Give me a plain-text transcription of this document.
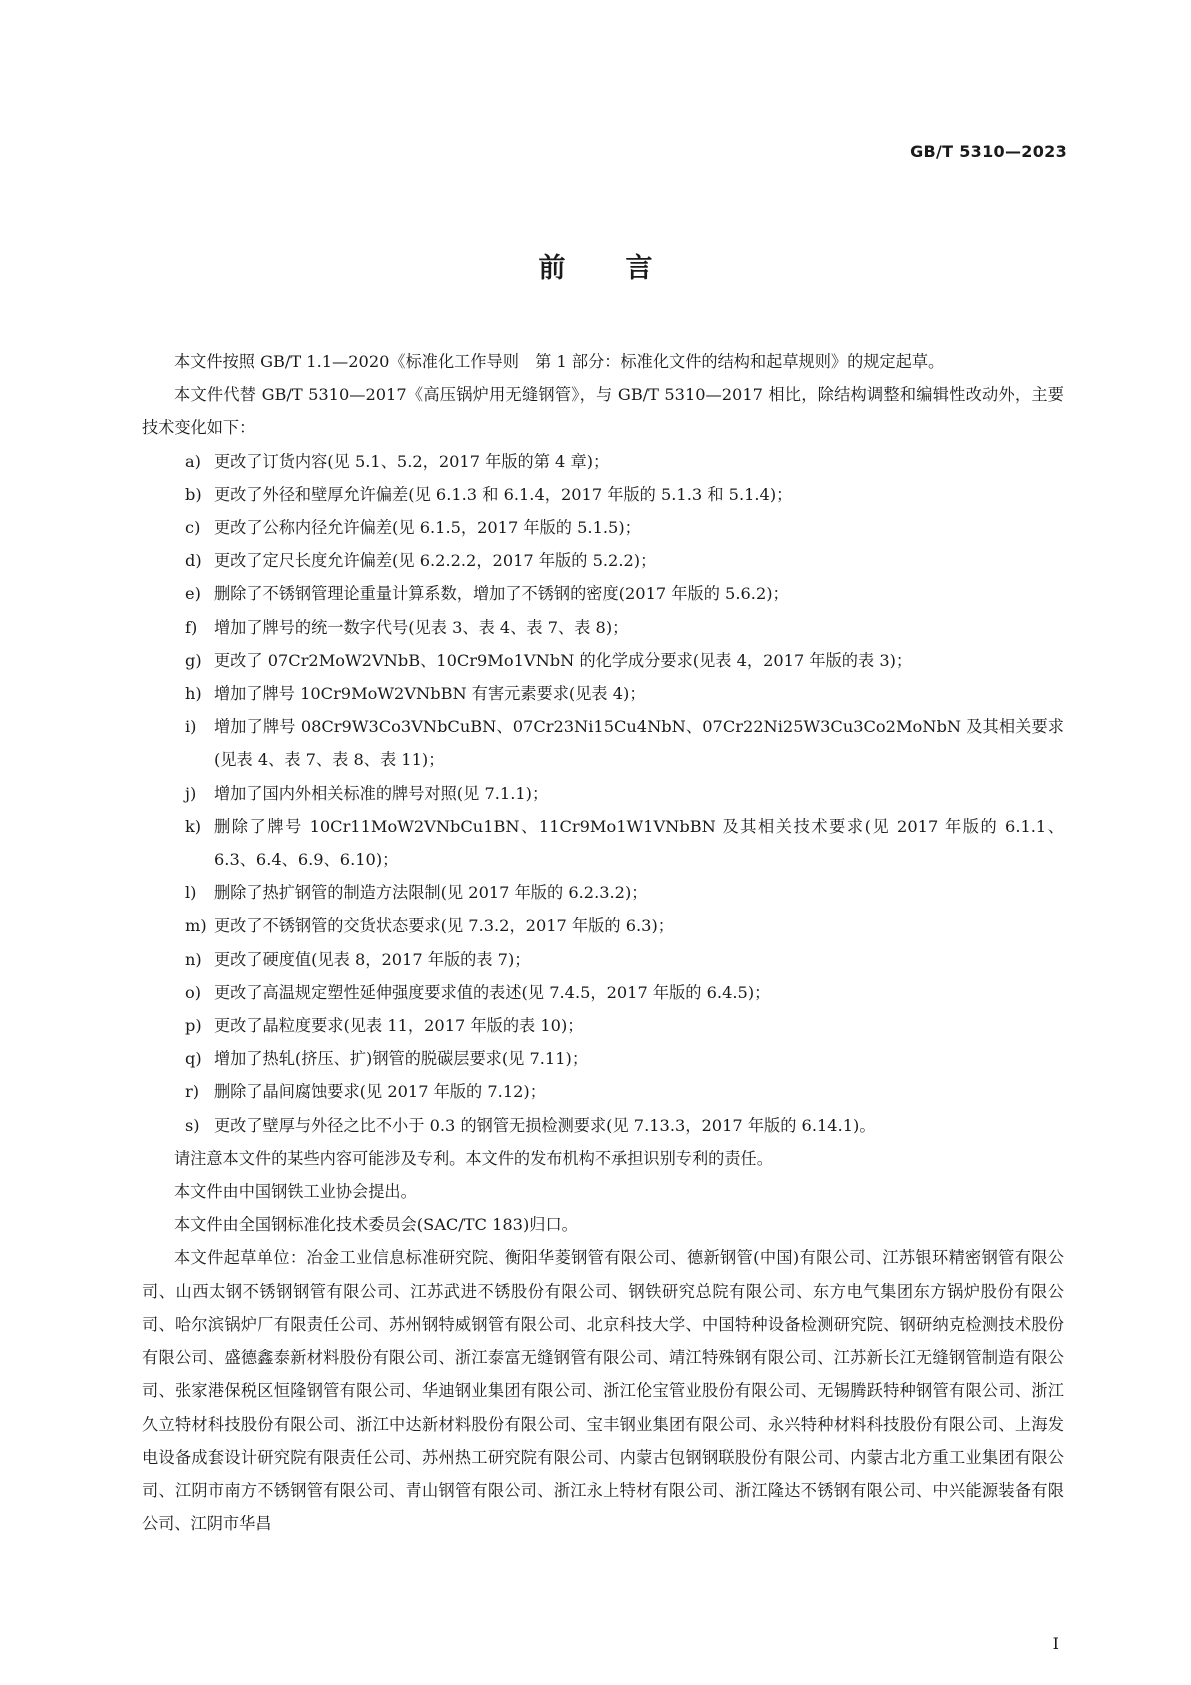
GB/T 5310—2023

前言

本文件按照 GB/T 1.1—2020《标准化工作导则　第 1 部分：标准化文件的结构和起草规则》的规定起草。

本文件代替 GB/T 5310—2017《高压锅炉用无缝钢管》，与 GB/T 5310—2017 相比，除结构调整和编辑性改动外，主要技术变化如下：

a) 更改了订货内容(见 5.1、5.2，2017 年版的第 4 章)；
b) 更改了外径和壁厚允许偏差(见 6.1.3 和 6.1.4，2017 年版的 5.1.3 和 5.1.4)；
c) 更改了公称内径允许偏差(见 6.1.5，2017 年版的 5.1.5)；
d) 更改了定尺长度允许偏差(见 6.2.2.2，2017 年版的 5.2.2)；
e) 删除了不锈钢管理论重量计算系数，增加了不锈钢的密度(2017 年版的 5.6.2)；
f) 增加了牌号的统一数字代号(见表 3、表 4、表 7、表 8)；
g) 更改了 07Cr2MoW2VNbB、10Cr9Mo1VNbN 的化学成分要求(见表 4，2017 年版的表 3)；
h) 增加了牌号 10Cr9MoW2VNbBN 有害元素要求(见表 4)；
i) 增加了牌号 08Cr9W3Co3VNbCuBN、07Cr23Ni15Cu4NbN、07Cr22Ni25W3Cu3Co2MoNbN 及其相关要求(见表 4、表 7、表 8、表 11)；
j) 增加了国内外相关标准的牌号对照(见 7.1.1)；
k) 删除了牌号 10Cr11MoW2VNbCu1BN、11Cr9Mo1W1VNbBN 及其相关技术要求(见 2017 年版的 6.1.1、6.3、6.4、6.9、6.10)；
l) 删除了热扩钢管的制造方法限制(见 2017 年版的 6.2.3.2)；
m) 更改了不锈钢管的交货状态要求(见 7.3.2，2017 年版的 6.3)；
n) 更改了硬度值(见表 8，2017 年版的表 7)；
o) 更改了高温规定塑性延伸强度要求值的表述(见 7.4.5，2017 年版的 6.4.5)；
p) 更改了晶粒度要求(见表 11，2017 年版的表 10)；
q) 增加了热轧(挤压、扩)钢管的脱碳层要求(见 7.11)；
r) 删除了晶间腐蚀要求(见 2017 年版的 7.12)；
s) 更改了壁厚与外径之比不小于 0.3 的钢管无损检测要求(见 7.13.3，2017 年版的 6.14.1)。

请注意本文件的某些内容可能涉及专利。本文件的发布机构不承担识别专利的责任。

本文件由中国钢铁工业协会提出。

本文件由全国钢标准化技术委员会(SAC/TC 183)归口。

本文件起草单位：冶金工业信息标准研究院、衡阳华菱钢管有限公司、德新钢管(中国)有限公司、江苏银环精密钢管有限公司、山西太钢不锈钢钢管有限公司、江苏武进不锈股份有限公司、钢铁研究总院有限公司、东方电气集团东方锅炉股份有限公司、哈尔滨锅炉厂有限责任公司、苏州钢特威钢管有限公司、北京科技大学、中国特种设备检测研究院、钢研纳克检测技术股份有限公司、盛德鑫泰新材料股份有限公司、浙江泰富无缝钢管有限公司、靖江特殊钢有限公司、江苏新长江无缝钢管制造有限公司、张家港保税区恒隆钢管有限公司、华迪钢业集团有限公司、浙江伦宝管业股份有限公司、无锡腾跃特种钢管有限公司、浙江久立特材科技股份有限公司、浙江中达新材料股份有限公司、宝丰钢业集团有限公司、永兴特种材料科技股份有限公司、上海发电设备成套设计研究院有限责任公司、苏州热工研究院有限公司、内蒙古包钢钢联股份有限公司、内蒙古北方重工业集团有限公司、江阴市南方不锈钢管有限公司、青山钢管有限公司、浙江永上特材有限公司、浙江隆达不锈钢有限公司、中兴能源装备有限公司、江阴市华昌

I
